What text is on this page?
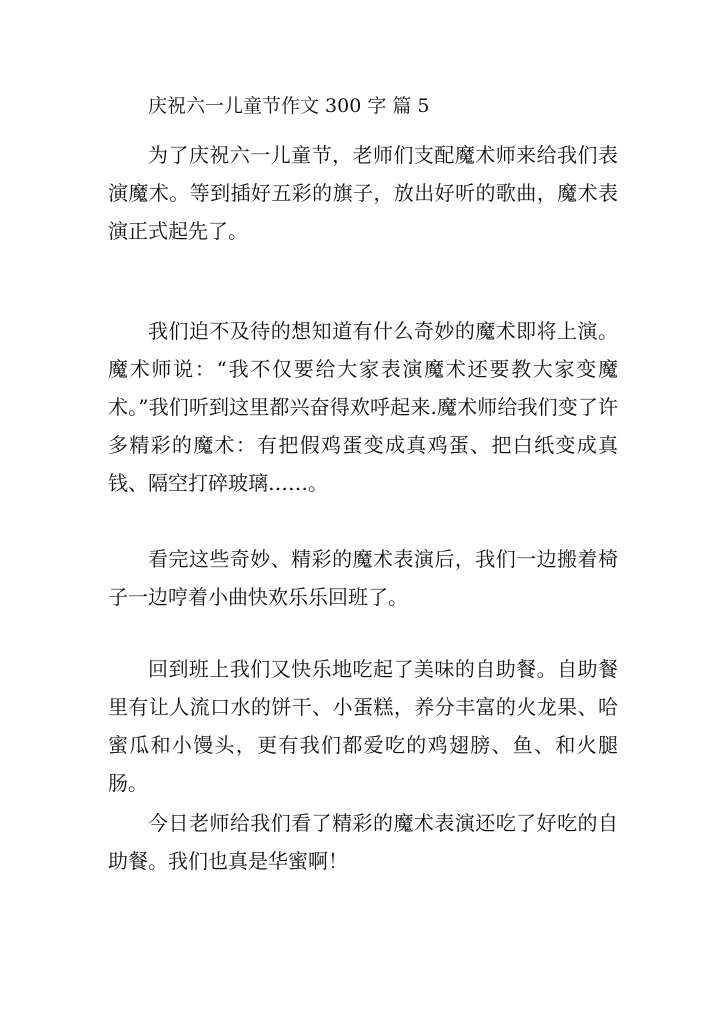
庆祝六一儿童节作文 300 字 篇 5

为了庆祝六一儿童节，老师们支配魔术师来给我们表演魔术。等到插好五彩的旗子，放出好听的歌曲，魔术表演正式起先了。

我们迫不及待的想知道有什么奇妙的魔术即将上演。魔术师说：“我不仅要给大家表演魔术还要教大家变魔术。”我们听到这里都兴奋得欢呼起来.魔术师给我们变了许多精彩的魔术：有把假鸡蛋变成真鸡蛋、把白纸变成真钱、隔空打碎玻璃……。

看完这些奇妙、精彩的魔术表演后，我们一边搬着椅子一边哼着小曲快欢乐乐回班了。

回到班上我们又快乐地吃起了美味的自助餐。自助餐里有让人流口水的饼干、小蛋糕，养分丰富的火龙果、哈蜜瓜和小馒头，更有我们都爱吃的鸡翅膀、鱼、和火腿肠。

今日老师给我们看了精彩的魔术表演还吃了好吃的自助餐。我们也真是华蜜啊！
